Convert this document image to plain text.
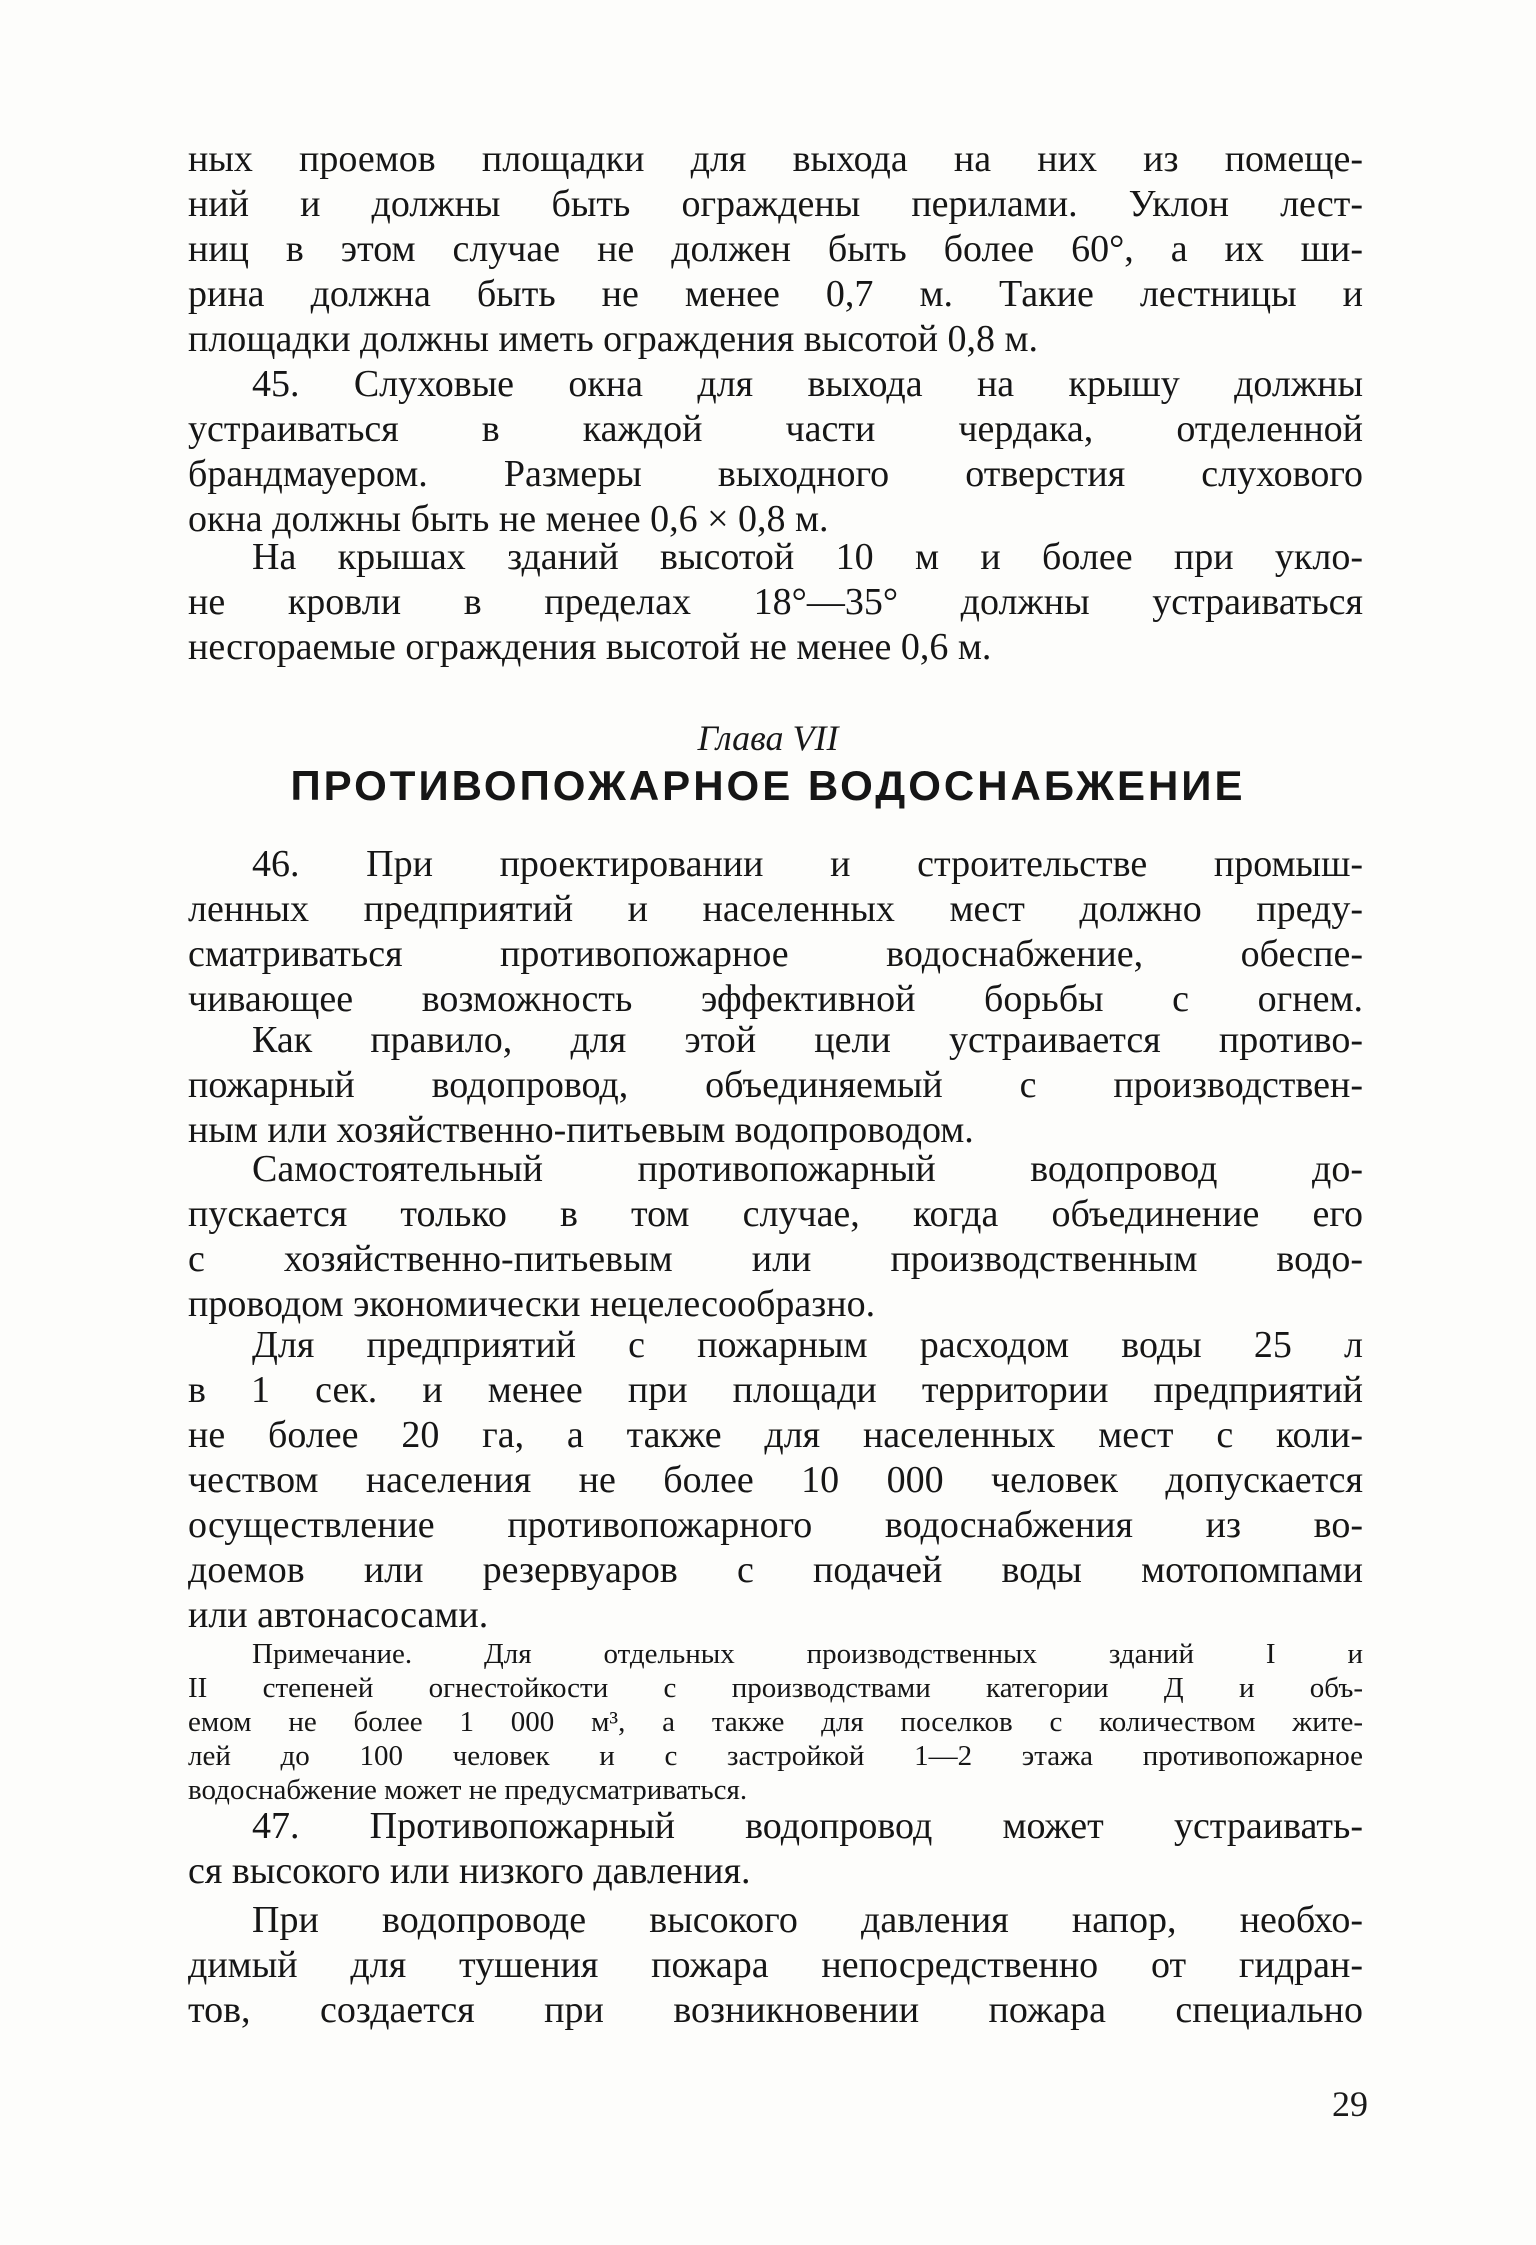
ных проемов площадки для выхода на них из помеще-
ний и должны быть ограждены перилами. Уклон лест-
ниц в этом случае не должен быть более 60°, а их ши-
рина должна быть не менее 0,7 м. Такие лестницы и
площадки должны иметь ограждения высотой 0,8 м.
45. Слуховые окна для выхода на крышу должны
устраиваться в каждой части чердака, отделенной
брандмауером. Размеры выходного отверстия слухового
окна должны быть не менее 0,6 × 0,8 м.
На крышах зданий высотой 10 м и более при укло-
не кровли в пределах 18°—35° должны устраиваться
несгораемые ограждения высотой не менее 0,6 м.
Глава VII
ПРОТИВОПОЖАРНОЕ ВОДОСНАБЖЕНИЕ
46. При проектировании и строительстве промыш-
ленных предприятий и населенных мест должно преду-
сматриваться противопожарное водоснабжение, обеспе-
чивающее возможность эффективной борьбы с огнем.
Как правило, для этой цели устраивается противо-
пожарный водопровод, объединяемый с производствен-
ным или хозяйственно-питьевым водопроводом.
Самостоятельный противопожарный водопровод до-
пускается только в том случае, когда объединение его
с хозяйственно-питьевым или производственным водо-
проводом экономически нецелесообразно.
Для предприятий с пожарным расходом воды 25 л
в 1 сек. и менее при площади территории предприятий
не более 20 га, а также для населенных мест с коли-
чеством населения не более 10 000 человек допускается
осуществление противопожарного водоснабжения из во-
доемов или резервуаров с подачей воды мотопомпами
или автонасосами.
Примечание. Для отдельных производственных зданий I и
II степеней огнестойкости с производствами категории Д и объ-
емом не более 1 000 м³, а также для поселков с количеством жите-
лей до 100 человек и с застройкой 1—2 этажа противопожарное
водоснабжение может не предусматриваться.
47. Противопожарный водопровод может устраивать-
ся высокого или низкого давления.
При водопроводе высокого давления напор, необхо-
димый для тушения пожара непосредственно от гидран-
тов, создается при возникновении пожара специально
29
